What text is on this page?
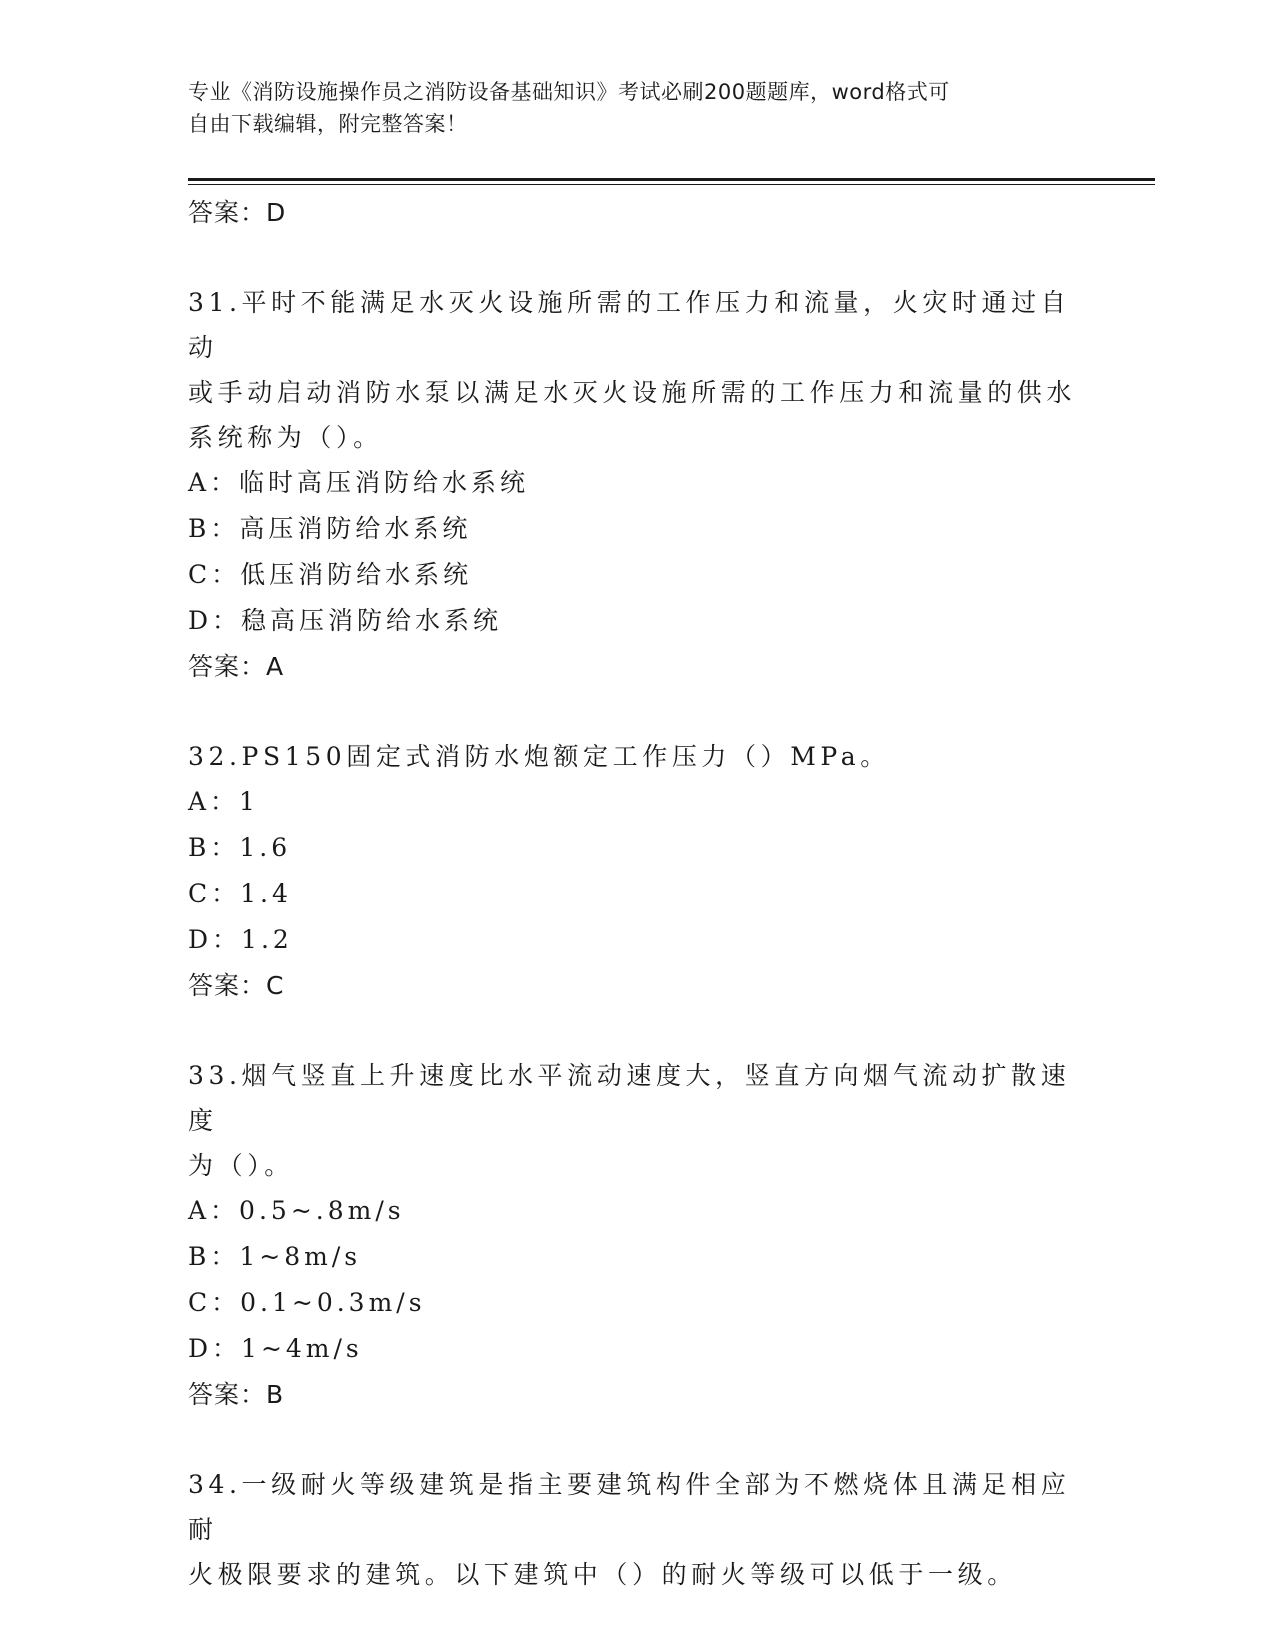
专业《消防设施操作员之消防设备基础知识》考试必刷200题题库，word格式可
自由下载编辑，附完整答案！
答案：D
31.平时不能满足水灭火设施所需的工作压力和流量，火灾时通过自动
或手动启动消防水泵以满足水灭火设施所需的工作压力和流量的供水
系统称为（）。
A：临时高压消防给水系统
B：高压消防给水系统
C：低压消防给水系统
D：稳高压消防给水系统
答案：A
32.PS150固定式消防水炮额定工作压力（）MPa。
A：1
B：1.6
C：1.4
D：1.2
答案：C
33.烟气竖直上升速度比水平流动速度大，竖直方向烟气流动扩散速度
为（）。
A：0.5~.8m/s
B：1~8m/s
C：0.1~0.3m/s
D：1~4m/s
答案：B
34.一级耐火等级建筑是指主要建筑构件全部为不燃烧体且满足相应耐
火极限要求的建筑。以下建筑中（）的耐火等级可以低于一级。
